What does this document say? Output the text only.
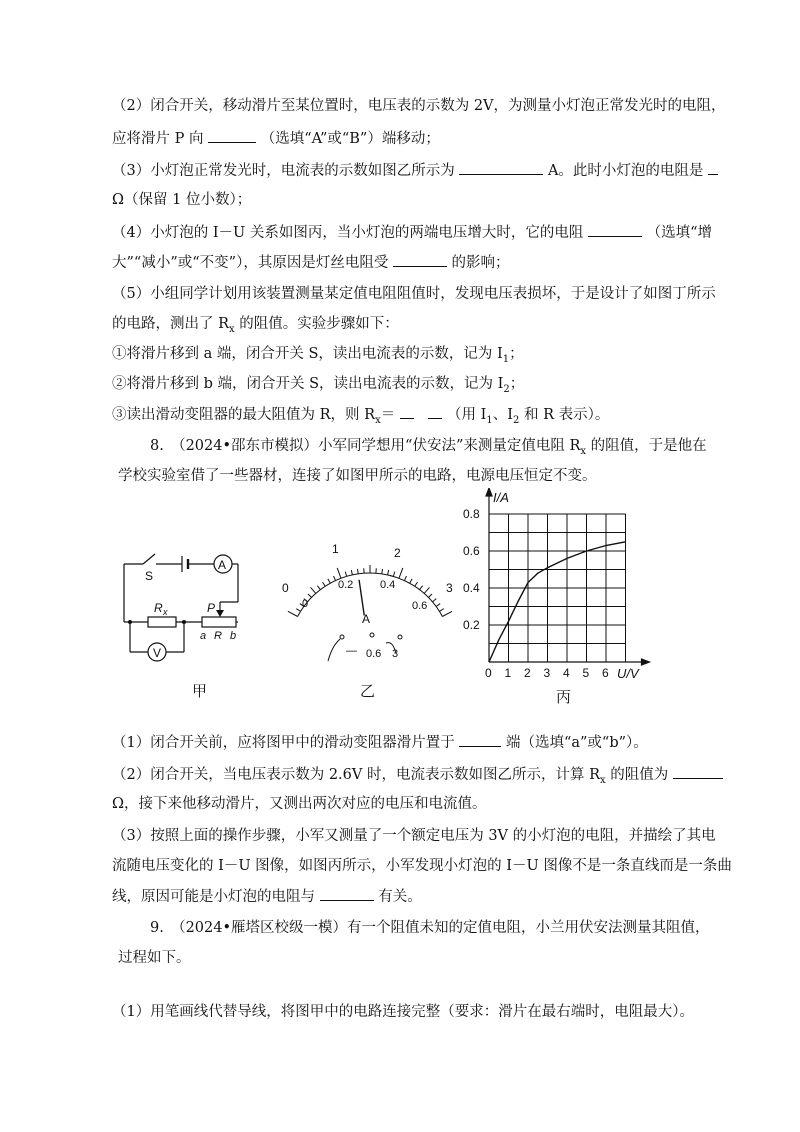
（2）闭合开关，移动滑片至某位置时，电压表的示数为 2V，为测量小灯泡正常发光时的电阻，
应将滑片 P 向	（选填“A”或“B”）端移动；
（3）小灯泡正常发光时，电流表的示数如图乙所示为	A。此时小灯泡的电阻是
Ω（保留 1 位小数）；
（4）小灯泡的 I－U 关系如图丙，当小灯泡的两端电压增大时，它的电阻	（选填“增
大”“减小”或“不变”），其原因是灯丝电阻受	的影响；
（5）小组同学计划用该装置测量某定值电阻阻值时，发现电压表损坏，于是设计了如图丁所示
的电路，测出了 $R_x$ 的阻值。实验步骤如下：
①将滑片移到 a 端，闭合开关 S，读出电流表的示数，记为 $I_1$；
②将滑片移到 b 端，闭合开关 S，读出电流表的示数，记为 $I_2$；
③读出滑动变阻器的最大阻值为 R，则 $R_x=$	（用 $I_1$、$I_2$ 和 R 表示）。
8.　（2024•邵东市模拟）小军同学想用“伏安法”来测量定值电阻 $R_x$ 的阻值，于是他在
学校实验室借了一些器材，连接了如图甲所示的电路，电源电压恒定不变。
S
A
V
R x	P
a R b
甲
0
1	2
3
0
0.2 0.4
0.6
A
— 0.6 3
乙
0 1 2 3 4 5 6
0.2
0.4
0.6
0.8
I/A
U/V
丙
（1）闭合开关前，应将图甲中的滑动变阻器滑片置于	端（选填“a”或“b”）。
（2）闭合开关，当电压表示数为 2.6V 时，电流表示数如图乙所示，计算 $R_x$ 的阻值为
Ω，接下来他移动滑片，又测出两次对应的电压和电流值。
（3）按照上面的操作步骤，小军又测量了一个额定电压为 3V 的小灯泡的电阻，并描绘了其电
流随电压变化的 I－U 图像，如图丙所示，小军发现小灯泡的 I－U 图像不是一条直线而是一条曲
线，原因可能是小灯泡的电阻与	有关。
9.　（2024•雁塔区校级一模）有一个阻值未知的定值电阻，小兰用伏安法测量其阻值，
过程如下。
（1）用笔画线代替导线，将图甲中的电路连接完整（要求：滑片在最右端时，电阻最大）。
